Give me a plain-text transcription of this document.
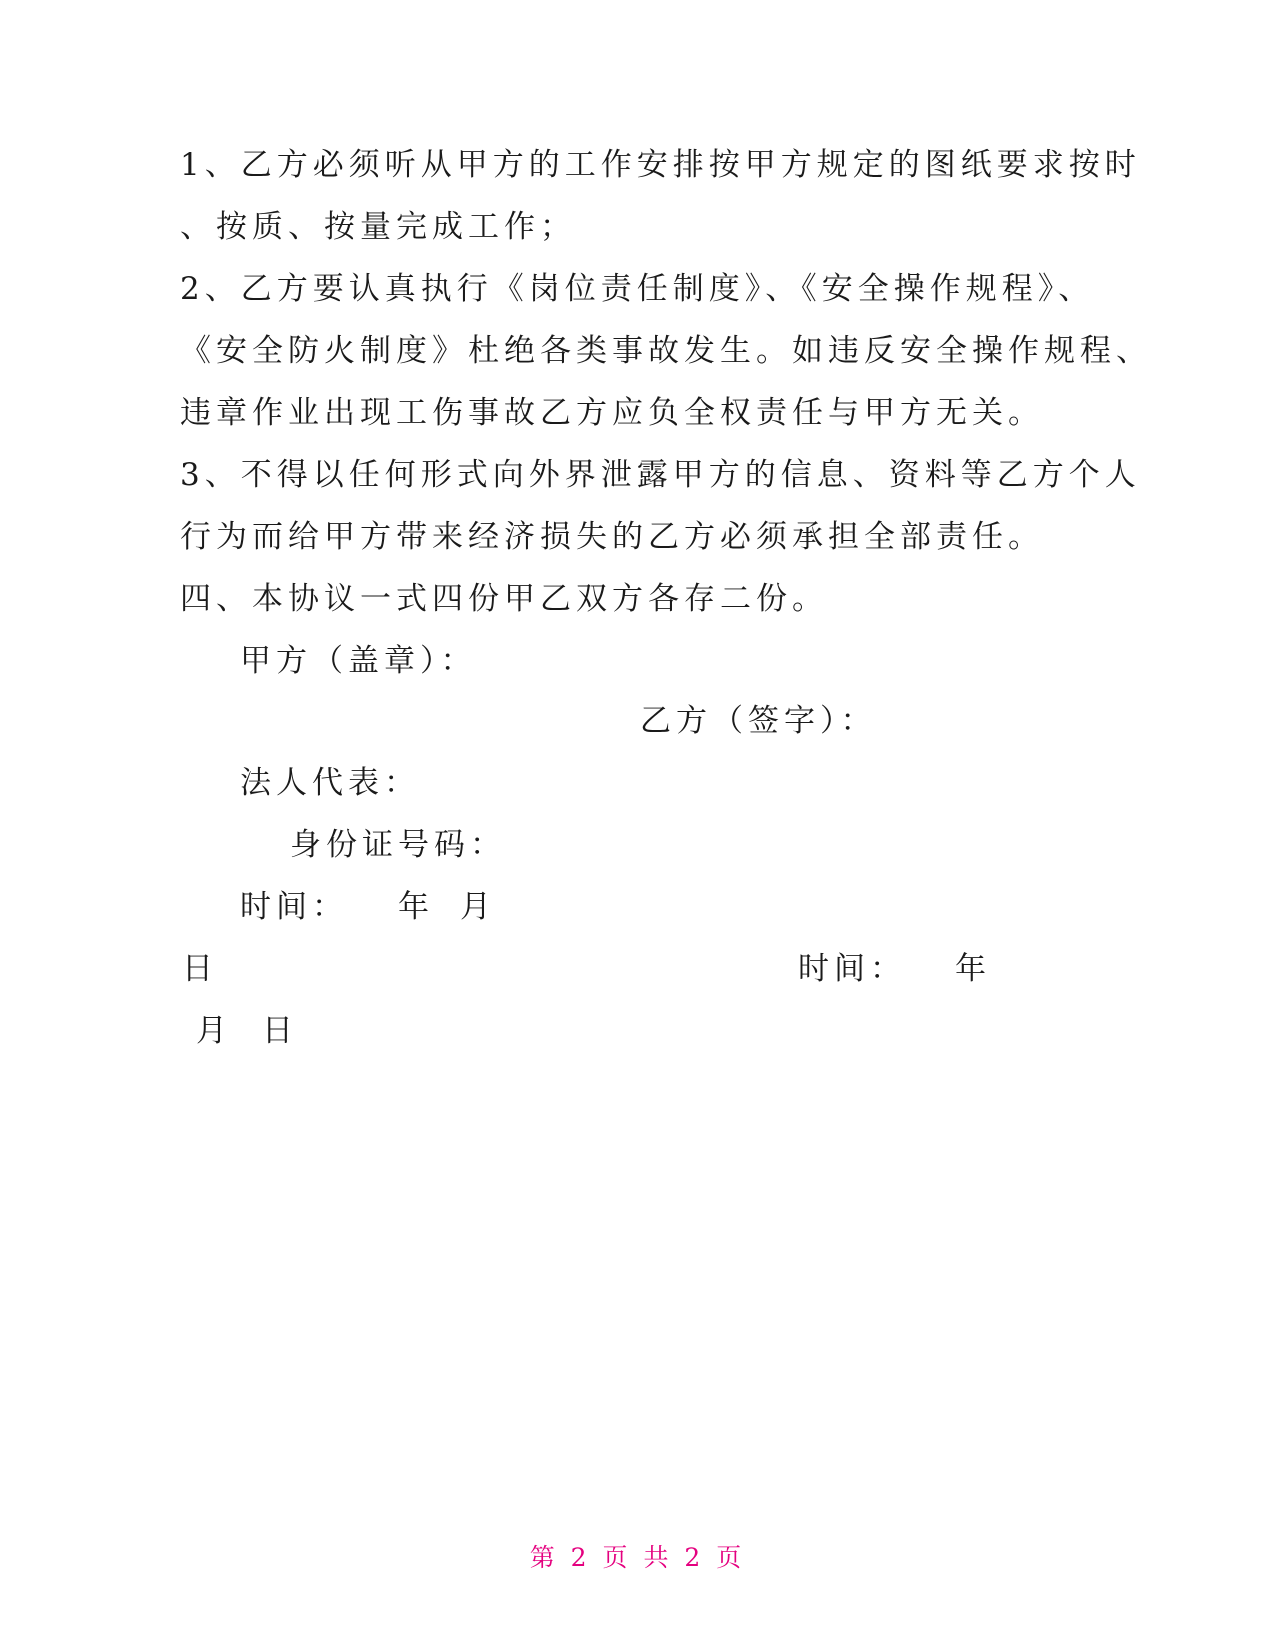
1、乙方必须听从甲方的工作安排按甲方规定的图纸要求按时
、按质、按量完成工作；
2、乙方要认真执行《岗位责任制度》、《安全操作规程》、
《安全防火制度》杜绝各类事故发生。如违反安全操作规程、
违章作业出现工伤事故乙方应负全权责任与甲方无关。
3、不得以任何形式向外界泄露甲方的信息、资料等乙方个人
行为而给甲方带来经济损失的乙方必须承担全部责任。
四、本协议一式四份甲乙双方各存二份。
甲方（盖章）：
乙方（签字）：
法人代表：
身份证号码：
时间： 年 月
日	时间： 年
月 日
第 2 页 共 2 页
